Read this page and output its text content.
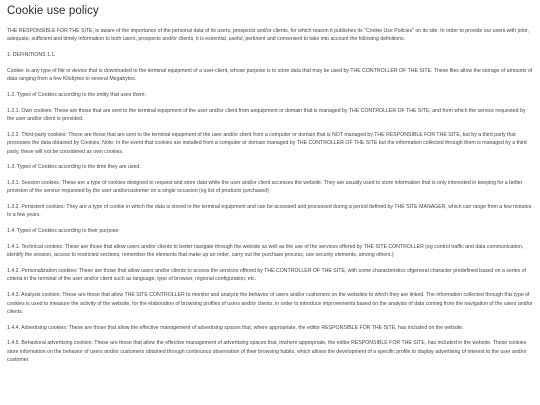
Cookie use policy

THE RESPONSIBLE FOR THE SITE, is aware of the importance of the personal data of its users, prospects and/or clients, for which reason it publishes its "Cookie Use Policies" on its site. In order to provide our users with prior, adequate, sufficient and timely information to both users, prospects and/or clients, it is essential, useful, pertinent and convenient to take into account the following definitions.

1. DEFINITIONS 1.1.

Cookie: is any type of file or device that is downloaded to the terminal equipment of a user-client, whose purpose is to store data that may be used by THE CONTROLLER OF THE SITE. These files allow the storage of amounts of data ranging from a few Kilobytes to several Megabytes.

1.2. Types of Cookies according to the entity that uses them:

1.2.1. Own cookies: These are those that are sent to the terminal equipment of the user and/or client from aequipment or domain that is managed by THE CONTROLLER OF THE SITE, and from which the service requested by the user and/or client is provided.

1.2.2. Third-party cookies: These are those that are sent to the terminal equipment of the user and/or client from a computer or domain that is NOT managed by THE RESPONSIBLE FOR THE SITE, but by a third party that processes the data obtained by Cookies. Note: In the event that cookies are installed from a computer or domain managed by THE CONTROLLER OF THE SITE but the information collected through them is managed by a third party, these will not be considered as own cookies.

1.3. Types of Cookies according to the time they are used.

1.3.1. Session cookies: These are a type of cookies designed to request and store data while the user and/or client accesses the website. They are usually used to store information that is only interested in keeping for a better provision of the service requested by the user and/orcustomer on a single occasion (eg list of products purchased)

1.3.2. Persistent cookies: They are a type of cookie in which the data is stored in the terminal equipment and can be accessed and processed during a period defined by THE SITE MANAGER, which can range from a few minutes to a few years.

1.4. Types of Cookies according to their purpose:

1.4.1. Technical cookies: These are those that allow users and/or clients to better navigate through the website as well as the use of the services offered by THE SITE CONTROLLER (eg control traffic and data communication, identify the session, access to restricted sections, remember the elements that make up an order, carry out the purchase process, use security elements, among others.)

1.4.2. Personalization cookies: These are those that allow users and/or clients to access the services offered by THE CONTROLLER OF THE SITE, with some characteristics ofgeneral character predefined based on a series of criteria in the terminal of the user and/or client such as language, type of browser, regional configuration, etc.

1.4.3. Analysis cookies: These are those that allow THE SITE CONTROLLER to monitor and analyze the behavior of users and/or customers on the websites to which they are linked. The information collected through this type of cookies is used to measure the activity of the website, for the elaboration of browsing profiles of users and/or clients, in order to introduce improvements based on the analysis of data coming from the navigation of the users and/or clients.

1.4.4. Advertising cookies: These are those that allow the effective management of advertising spaces that, where appropriate, the editor RESPONSIBLE FOR THE SITE, has included on the website.

1.4.5. Behavioral advertising cookies: These are those that allow the effective management of advertising spaces that, inwhere appropriate, the editor RESPONSIBLE FOR THE SITE, has included in the website. These cookies store information on the behavior of users and/or customers obtained through continuous observation of their browsing habits, which allows the development of a specific profile to display advertising of interest to the user and/or customer.
